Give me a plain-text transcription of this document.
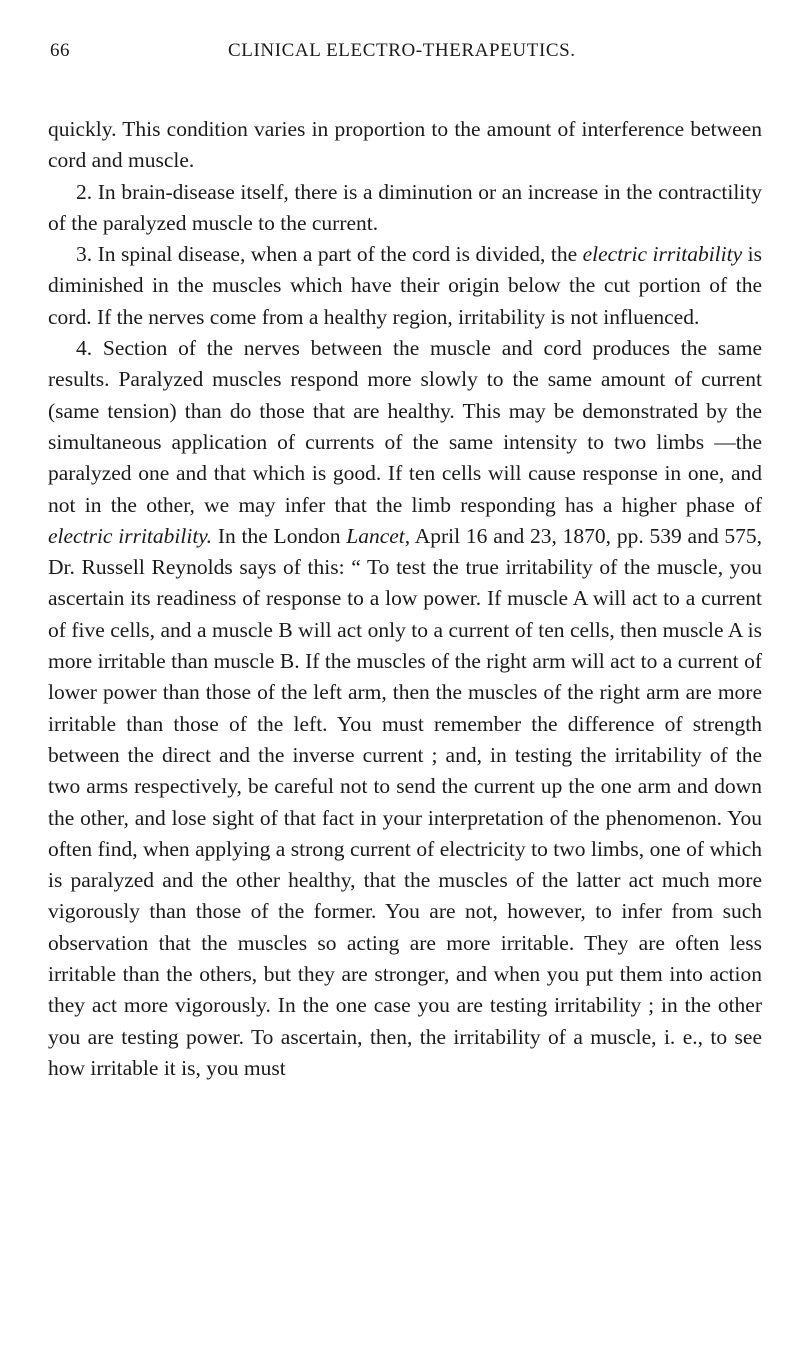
66	CLINICAL ELECTRO-THERAPEUTICS.

quickly. This condition varies in proportion to the amount of interference between cord and muscle.

2. In brain-disease itself, there is a diminution or an increase in the contractility of the paralyzed muscle to the current.

3. In spinal disease, when a part of the cord is divided, the electric irritability is diminished in the muscles which have their origin below the cut portion of the cord. If the nerves come from a healthy region, irritability is not influenced.

4. Section of the nerves between the muscle and cord produces the same results. Paralyzed muscles respond more slowly to the same amount of current (same tension) than do those that are healthy. This may be demonstrated by the simultaneous application of currents of the same intensity to two limbs —the paralyzed one and that which is good. If ten cells will cause response in one, and not in the other, we may infer that the limb responding has a higher phase of electric irritability. In the London Lancet, April 16 and 23, 1870, pp. 539 and 575, Dr. Russell Reynolds says of this: “ To test the true irritability of the muscle, you ascertain its readiness of response to a low power. If muscle A will act to a current of five cells, and a muscle B will act only to a current of ten cells, then muscle A is more irritable than muscle B. If the muscles of the right arm will act to a current of lower power than those of the left arm, then the muscles of the right arm are more irritable than those of the left. You must remember the difference of strength between the direct and the inverse current ; and, in testing the irritability of the two arms respectively, be careful not to send the current up the one arm and down the other, and lose sight of that fact in your interpretation of the phenomenon. You often find, when applying a strong current of electricity to two limbs, one of which is paralyzed and the other healthy, that the muscles of the latter act much more vigorously than those of the former. You are not, however, to infer from such observation that the muscles so acting are more irritable. They are often less irritable than the others, but they are stronger, and when you put them into action they act more vigorously. In the one case you are testing irritability ; in the other you are testing power. To ascertain, then, the irritability of a muscle, i. e., to see how irritable it is, you must
